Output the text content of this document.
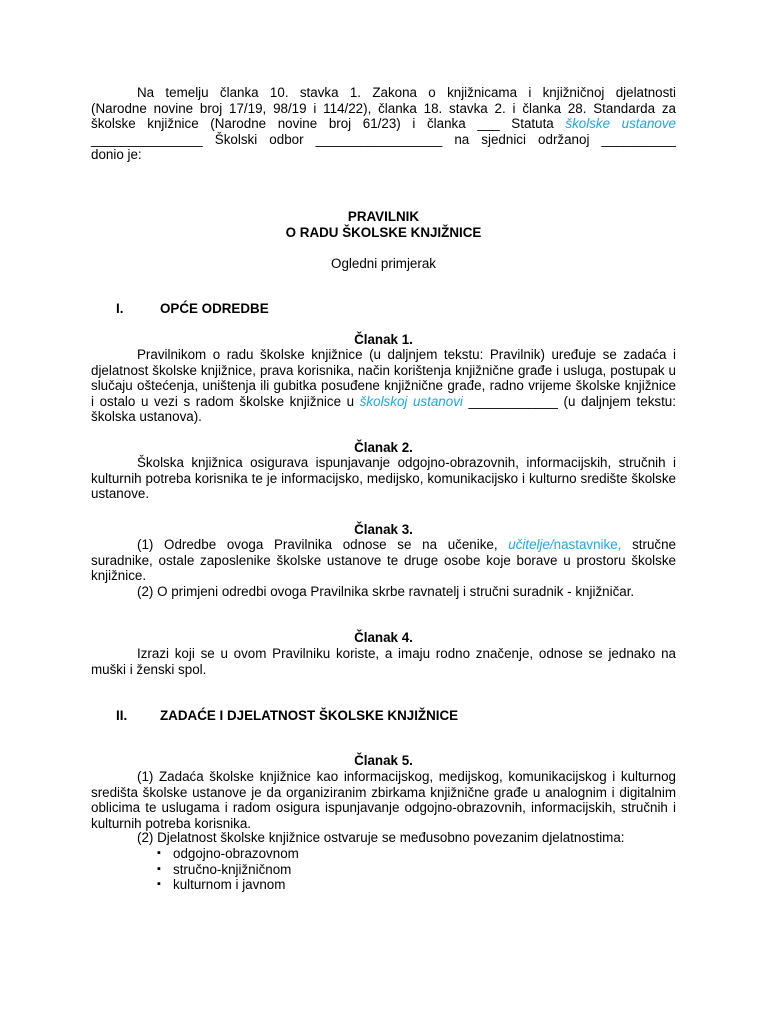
Na temelju članka 10. stavka 1. Zakona o knjižnicama i knjižničnoj djelatnosti
(Narodne novine broj 17/19, 98/19 i 114/22), članka 18. stavka 2. i članka 28. Standarda za
školske knjižnice (Narodne novine broj 61/23) i članka ___ Statuta školske ustanove
_______________ Školski odbor _________________ na sjednici održanoj __________
donio je:
PRAVILNIK
O RADU ŠKOLSKE KNJIŽNICE
Ogledni primjerak
I.	OPĆE ODREDBE
Članak 1.
Pravilnikom o radu školske knjižnice (u daljnjem tekstu: Pravilnik) uređuje se zadaća i djelatnost školske knjižnice, prava korisnika, način korištenja knjižnične građe i usluga, postupak u slučaju oštećenja, uništenja ili gubitka posuđene knjižnične građe, radno vrijeme školske knjižnice i ostalo u vezi s radom školske knjižnice u školskoj ustanovi ____________ (u daljnjem tekstu: školska ustanova).
Članak 2.
Školska knjižnica osigurava ispunjavanje odgojno-obrazovnih, informacijskih, stručnih i kulturnih potreba korisnika te je informacijsko, medijsko, komunikacijsko i kulturno središte školske ustanove.
Članak 3.
(1) Odredbe ovoga Pravilnika odnose se na učenike, učitelje/nastavnike, stručne suradnike, ostale zaposlenike školske ustanove te druge osobe koje borave u prostoru školske knjižnice.
(2) O primjeni odredbi ovoga Pravilnika skrbe ravnatelj i stručni suradnik - knjižničar.
Članak 4.
Izrazi koji se u ovom Pravilniku koriste, a imaju rodno značenje, odnose se jednako na muški i ženski spol.
II. ZADAĆE I DJELATNOST ŠKOLSKE KNJIŽNICE
Članak 5.
(1) Zadaća školske knjižnice kao informacijskog, medijskog, komunikacijskog i kulturnog središta školske ustanove je da organiziranim zbirkama knjižnične građe u analognim i digitalnim oblicima te uslugama i radom osigura ispunjavanje odgojno-obrazovnih, informacijskih, stručnih i kulturnih potreba korisnika.
(2) Djelatnost školske knjižnice ostvaruje se međusobno povezanim djelatnostima:
▪ odgojno-obrazovnom
▪ stručno-knjižničnom
▪ kulturnom i javnom
